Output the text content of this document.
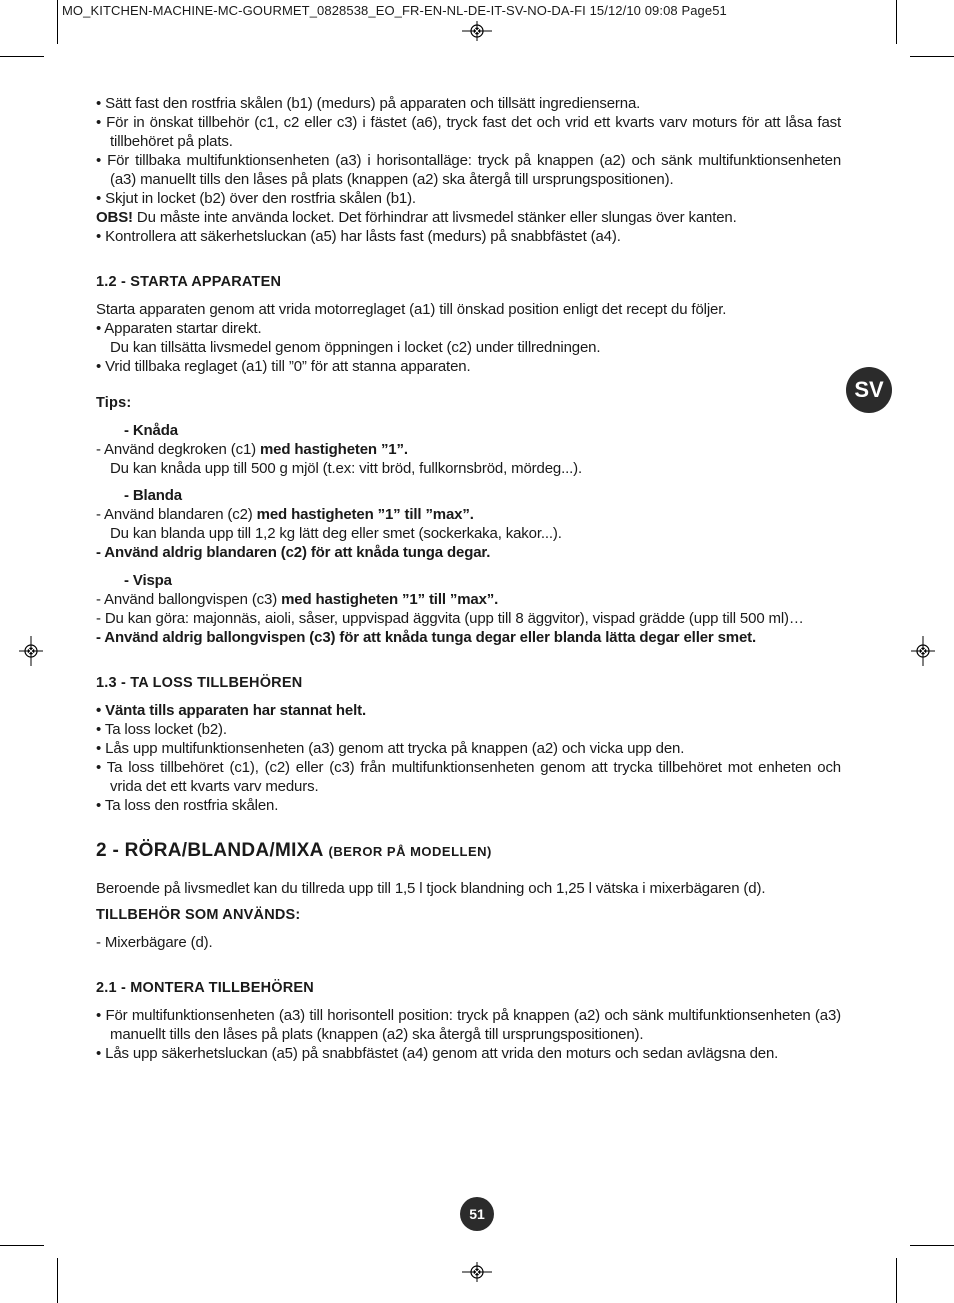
MO_KITCHEN-MACHINE-MC-GOURMET_0828538_EO_FR-EN-NL-DE-IT-SV-NO-DA-FI 15/12/10 09:08 Page51
SV
51

• Sätt fast den rostfria skålen (b1) (medurs) på apparaten och tillsätt ingredienserna.

• För in önskat tillbehör (c1, c2 eller c3) i fästet (a6), tryck fast det och vrid ett kvarts varv moturs för att låsa fast tillbehöret på plats.

• För tillbaka multifunktionsenheten (a3) i horisontalläge: tryck på knappen (a2) och sänk multifunktionsenheten (a3) manuellt tills den låses på plats (knappen (a2) ska återgå till ursprungspositionen).

• Skjut in locket (b2) över den rostfria skålen (b1).

OBS! Du måste inte använda locket. Det förhindrar att livsmedel stänker eller slungas över kanten.

• Kontrollera att säkerhetsluckan (a5) har låsts fast (medurs) på snabbfästet (a4).

1.2 - STARTA APPARATEN

Starta apparaten genom att vrida motorreglaget (a1) till önskad position enligt det recept du följer.

• Apparaten startar direkt.

Du kan tillsätta livsmedel genom öppningen i locket (c2) under tillredningen.

• Vrid tillbaka reglaget (a1) till ”0” för att stanna apparaten.

Tips:

- Knåda

- Använd degkroken (c1) med hastigheten ”1”.

Du kan knåda upp till 500 g mjöl (t.ex: vitt bröd, fullkornsbröd, mördeg...).

- Blanda

- Använd blandaren (c2) med hastigheten ”1” till ”max”.

Du kan blanda upp till 1,2 kg lätt deg eller smet (sockerkaka, kakor...).

- Använd aldrig blandaren (c2) för att knåda tunga degar.

- Vispa

- Använd ballongvispen (c3) med hastigheten ”1” till ”max”.

- Du kan göra: majonnäs, aioli, såser, uppvispad äggvita (upp till 8 äggvitor), vispad grädde (upp till 500 ml)…

- Använd aldrig ballongvispen (c3) för att knåda tunga degar eller blanda lätta degar eller smet.

1.3 - TA LOSS TILLBEHÖREN

• Vänta tills apparaten har stannat helt.

• Ta loss locket (b2).

• Lås upp multifunktionsenheten (a3) genom att trycka på knappen (a2) och vicka upp den.

• Ta loss tillbehöret (c1), (c2) eller (c3) från multifunktionsenheten genom att trycka tillbehöret mot enheten och vrida det ett kvarts varv medurs.

• Ta loss den rostfria skålen.

2 - RÖRA/BLANDA/MIXA (BEROR PÅ MODELLEN)

Beroende på livsmedlet kan du tillreda upp till 1,5 l tjock blandning och 1,25 l vätska i mixerbägaren (d).

TILLBEHÖR SOM ANVÄNDS:

- Mixerbägare (d).

2.1 - MONTERA TILLBEHÖREN

• För multifunktionsenheten (a3) till horisontell position: tryck på knappen (a2) och sänk multifunktionsenheten (a3) manuellt tills den låses på plats (knappen (a2) ska återgå till ursprungspositionen).

• Lås upp säkerhetsluckan (a5) på snabbfästet (a4) genom att vrida den moturs och sedan avlägsna den.
